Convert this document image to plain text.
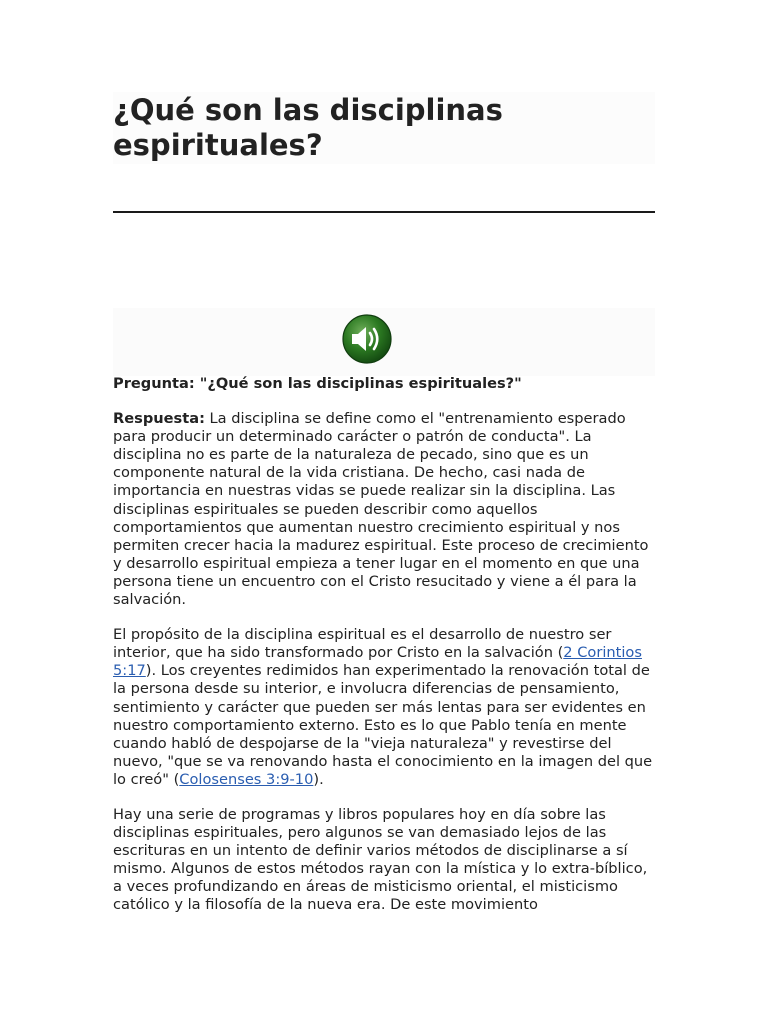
¿Qué son las disciplinas espirituales?

Pregunta: "¿Qué son las disciplinas espirituales?"

Respuesta: La disciplina se define como el "entrenamiento esperado para producir un determinado carácter o patrón de conducta". La disciplina no es parte de la naturaleza de pecado, sino que es un componente natural de la vida cristiana. De hecho, casi nada de importancia en nuestras vidas se puede realizar sin la disciplina. Las disciplinas espirituales se pueden describir como aquellos comportamientos que aumentan nuestro crecimiento espiritual y nos permiten crecer hacia la madurez espiritual. Este proceso de crecimiento y desarrollo espiritual empieza a tener lugar en el momento en que una persona tiene un encuentro con el Cristo resucitado y viene a él para la salvación.

El propósito de la disciplina espiritual es el desarrollo de nuestro ser interior, que ha sido transformado por Cristo en la salvación (2 Corintios 5:17). Los creyentes redimidos han experimentado la renovación total de la persona desde su interior, e involucra diferencias de pensamiento, sentimiento y carácter que pueden ser más lentas para ser evidentes en nuestro comportamiento externo. Esto es lo que Pablo tenía en mente cuando habló de despojarse de la "vieja naturaleza" y revestirse del nuevo, "que se va renovando hasta el conocimiento en la imagen del que lo creó" (Colosenses 3:9-10).

Hay una serie de programas y libros populares hoy en día sobre las disciplinas espirituales, pero algunos se van demasiado lejos de las escrituras en un intento de definir varios métodos de disciplinarse a sí mismo. Algunos de estos métodos rayan con la mística y lo extra-bíblico, a veces profundizando en áreas de misticismo oriental, el misticismo católico y la filosofía de la nueva era. De este movimiento
